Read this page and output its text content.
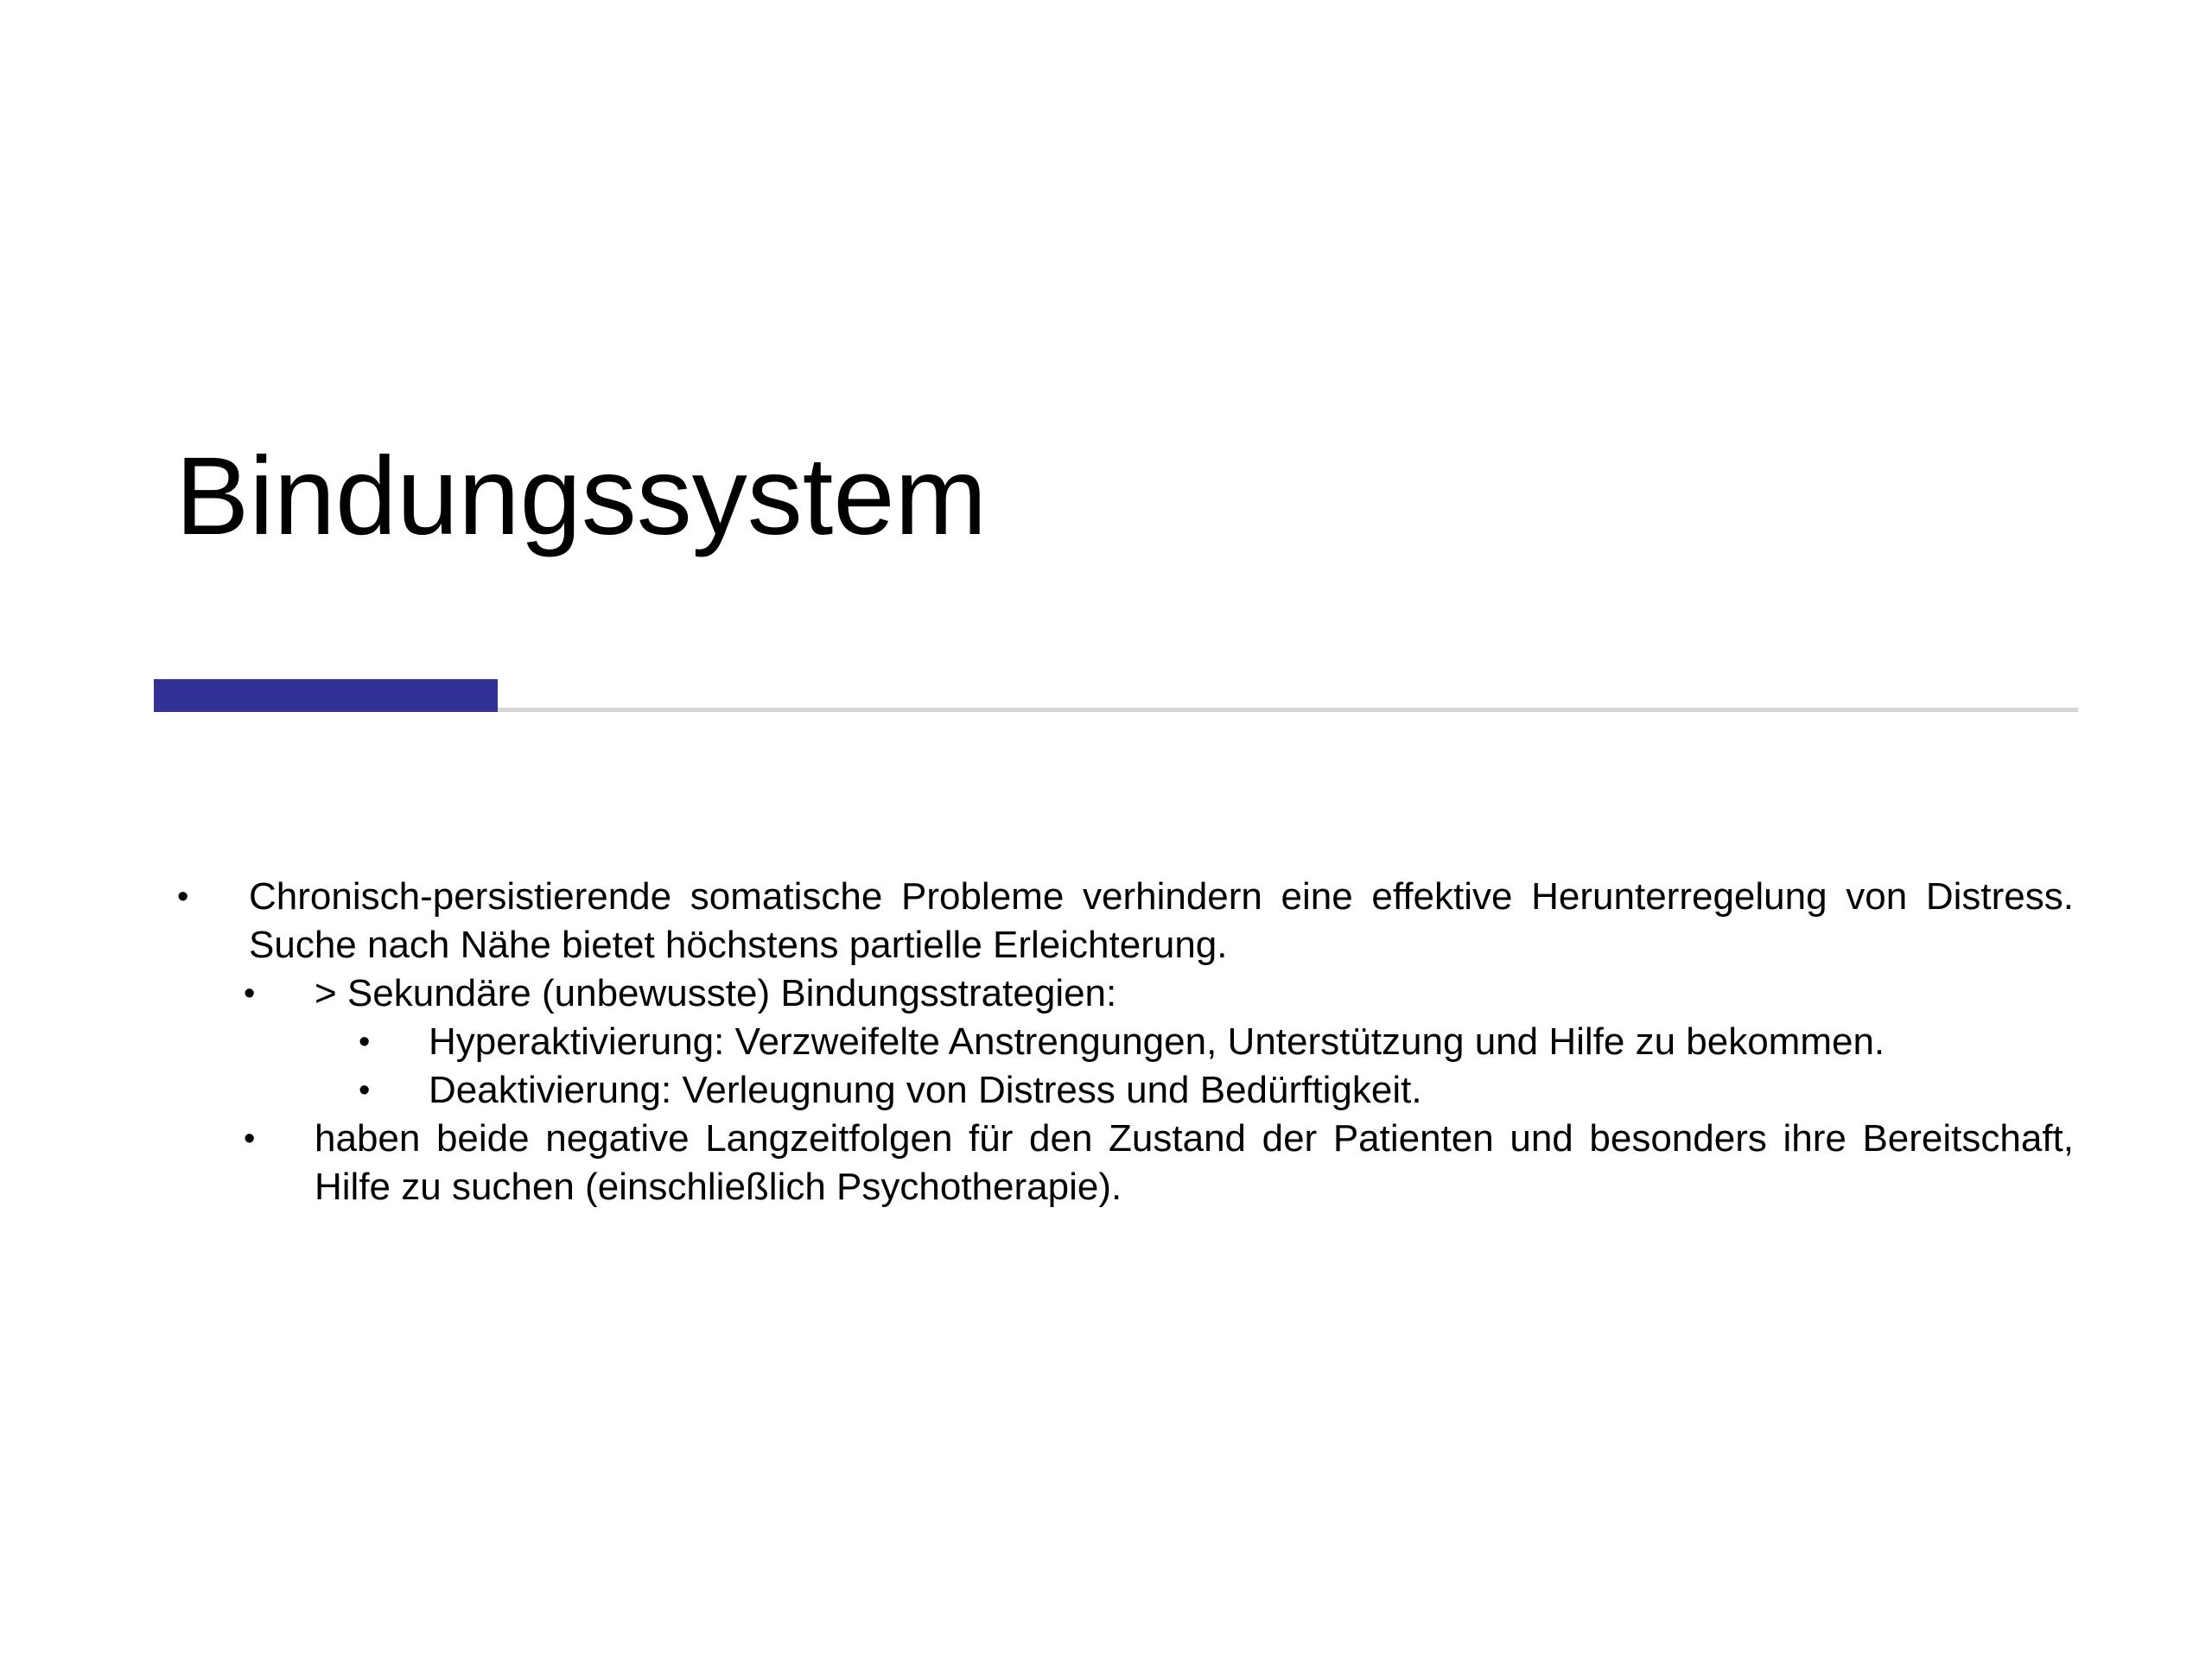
Bindungssystem
• Chronisch-persistierende somatische Probleme verhindern eine effektive Herunterregelung von Distress. Suche nach Nähe bietet höchstens partielle Erleichterung.
• > Sekundäre (unbewusste) Bindungsstrategien:
• Hyperaktivierung: Verzweifelte Anstrengungen, Unterstützung und Hilfe zu bekommen.
• Deaktivierung: Verleugnung von Distress und Bedürftigkeit.
• haben beide negative Langzeitfolgen für den Zustand der Patienten und besonders ihre Bereitschaft, Hilfe zu suchen (einschließlich Psychotherapie).
